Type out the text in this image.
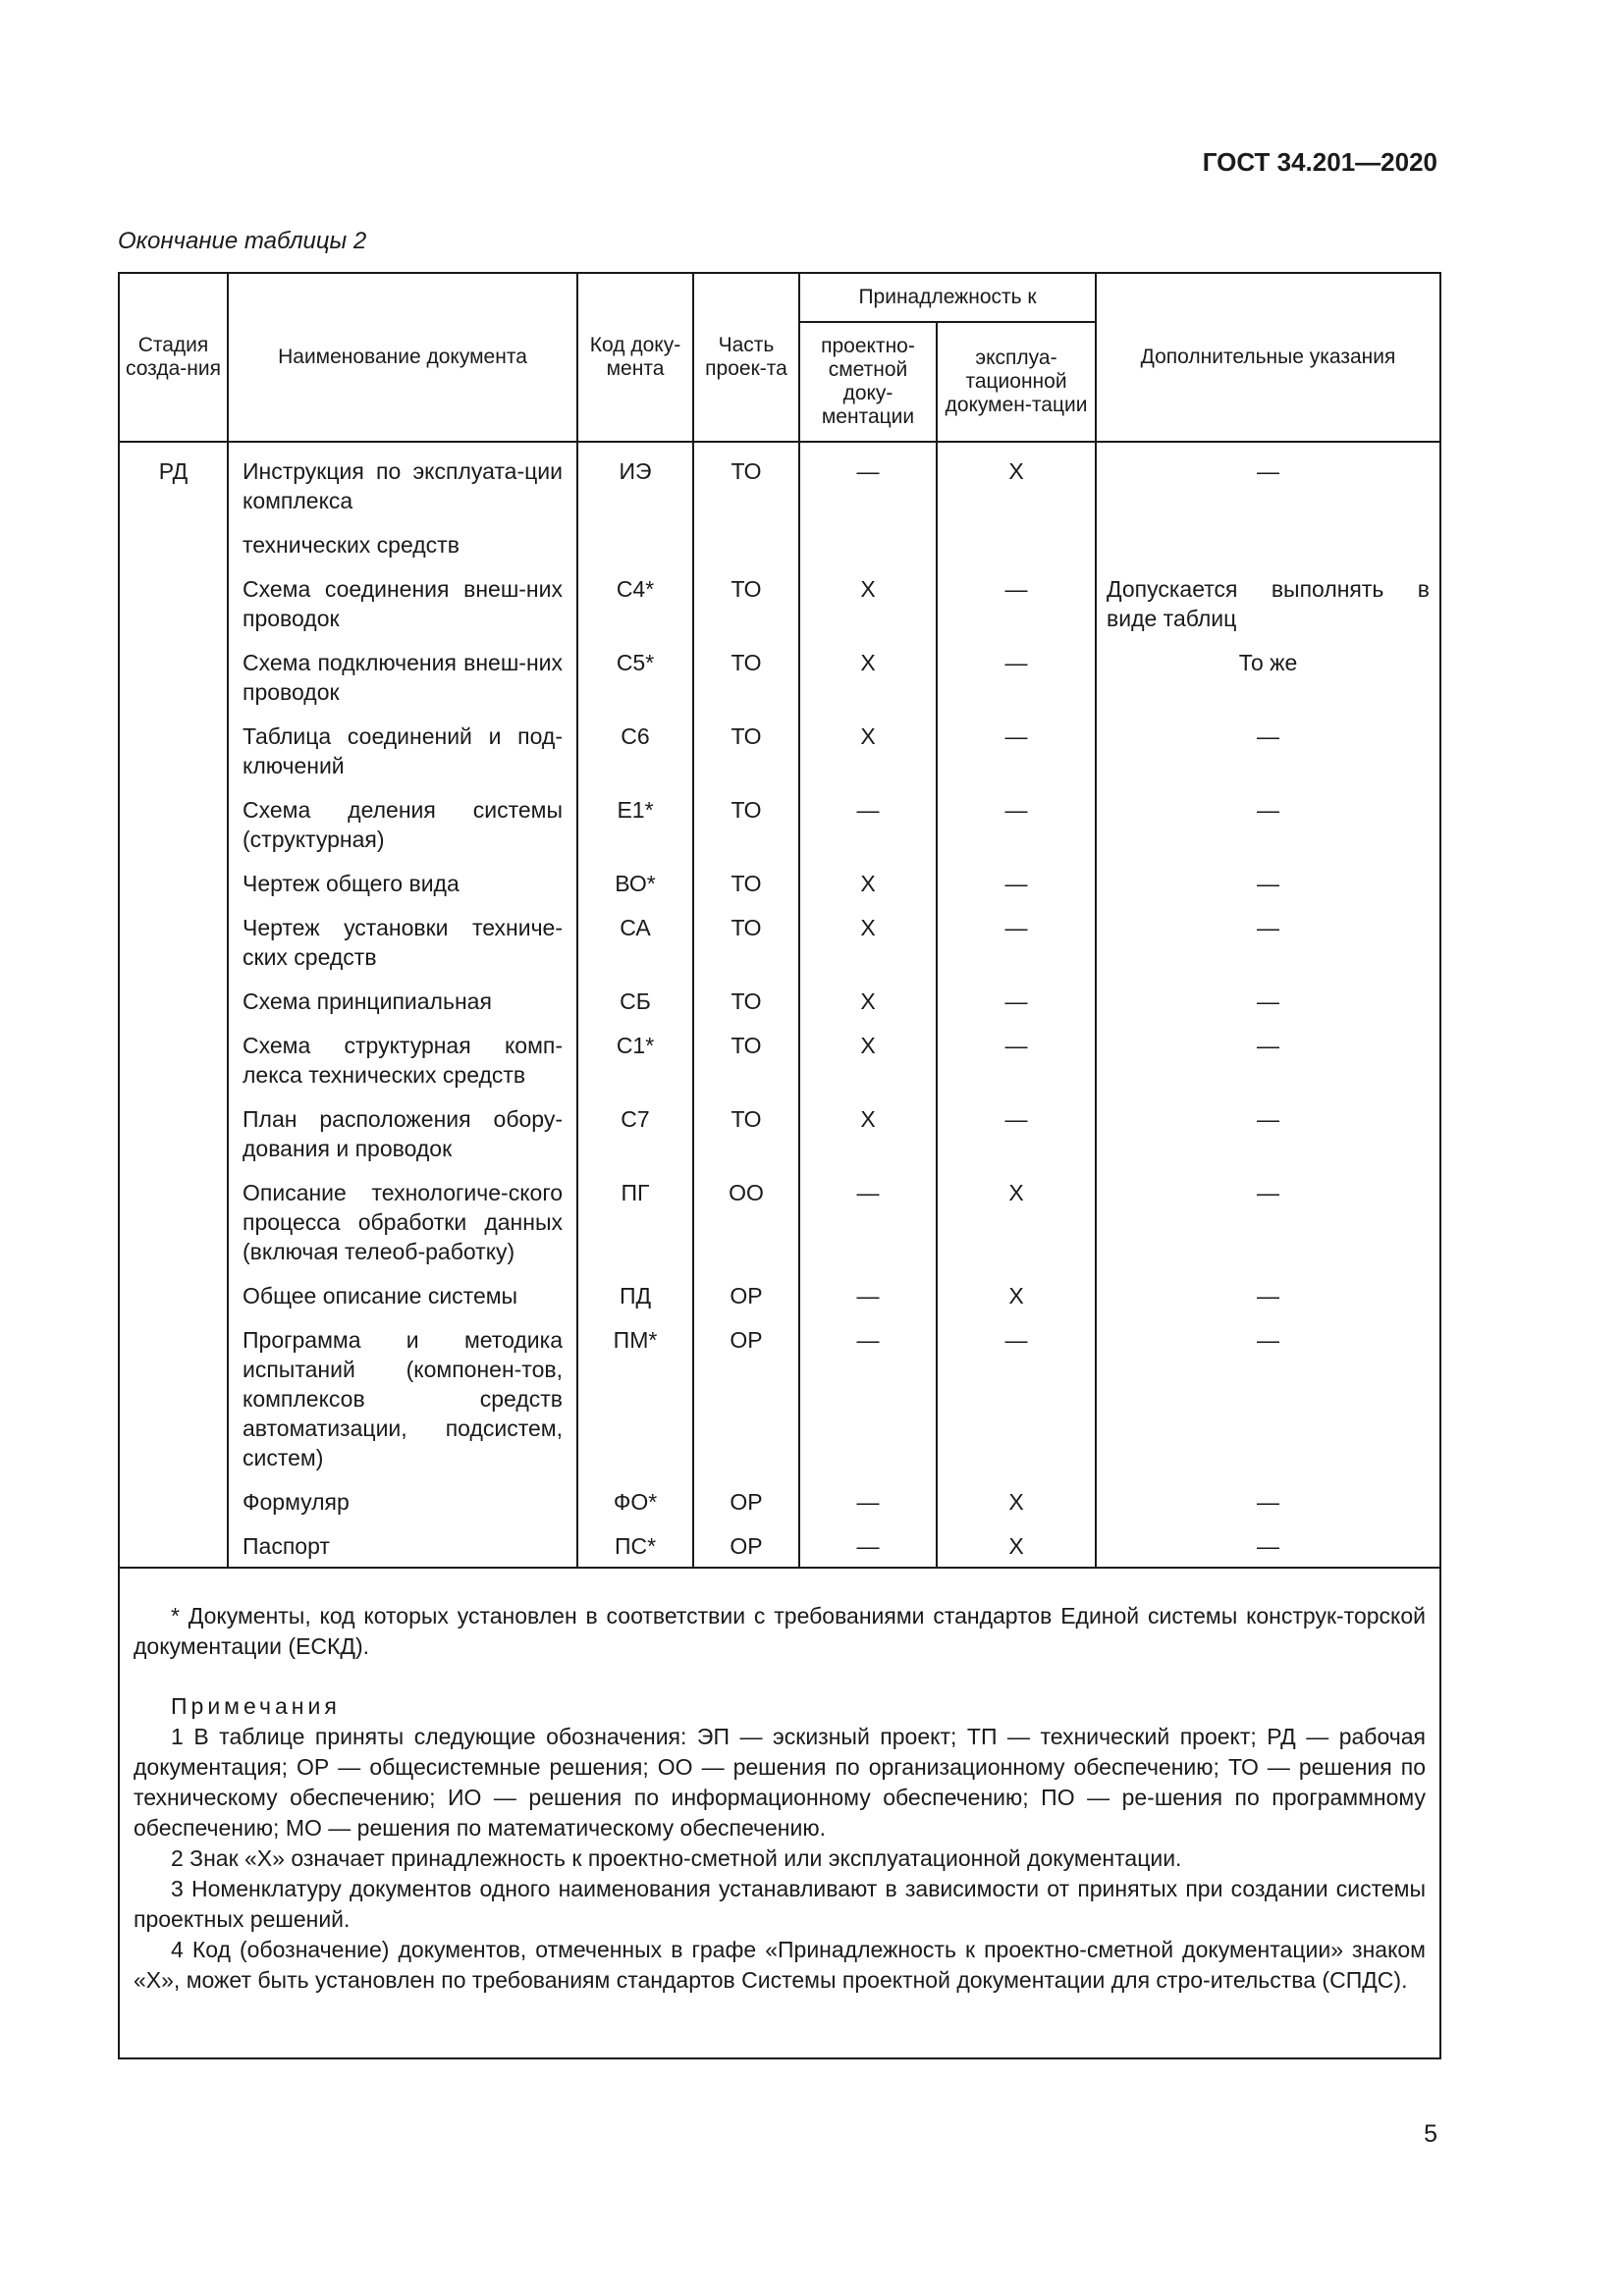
ГОСТ 34.201—2020
Окончание таблицы 2
Стадия созда-ния	Наименование документа	Код доку-мента	Часть проек-та	Принадлежность к		Дополнительные указания
				проектно-сметной доку-ментации	эксплуа-тационной докумен-тации	
РД	Инструкция по эксплуата-ции комплекса	ИЭ	ТО	—	Х	—
	технических средств					
	Схема соединения внеш-них проводок	С4*	ТО	Х	—	Допускается выполнять в виде таблиц
	Схема подключения внеш-них проводок	С5*	ТО	Х	—	То же
	Таблица соединений и под-ключений	С6	ТО	Х	—	—
	Схема деления системы (структурная)	Е1*	ТО	—	—	—
	Чертеж общего вида	ВО*	ТО	Х	—	—
	Чертеж установки техниче-ских средств	СА	ТО	Х	—	—
	Схема принципиальная	СБ	ТО	Х	—	—
	Схема структурная комп-лекса технических средств	С1*	ТО	Х	—	—
	План расположения обору-дования и проводок	С7	ТО	Х	—	—
	Описание технологиче-ского процесса обработки данных (включая телеоб-работку)	ПГ	ОО	—	Х	—
	Общее описание системы	ПД	ОР	—	Х	—
	Программа и методика испытаний (компонен-тов, комплексов средств автоматизации, подсистем, систем)	ПМ*	ОР	—	—	—
	Формуляр	ФО*	ОР	—	Х	—
	Паспорт	ПС*	ОР	—	Х	—

* Документы, код которых установлен в соответствии с требованиями стандартов Единой системы конструк-торской документации (ЕСКД).

Примечания

1 В таблице приняты следующие обозначения: ЭП — эскизный проект; ТП — технический проект; РД — рабочая документация; ОР — общесистемные решения; ОО — решения по организационному обеспечению; ТО — решения по техническому обеспечению; ИО — решения по информационному обеспечению; ПО — ре-шения по программному обеспечению; МО — решения по математическому обеспечению.

2 Знак «Х» означает принадлежность к проектно-сметной или эксплуатационной документации.

3 Номенклатуру документов одного наименования устанавливают в зависимости от принятых при создании системы проектных решений.

4 Код (обозначение) документов, отмеченных в графе «Принадлежность к проектно-сметной документации» знаком «Х», может быть установлен по требованиям стандартов Системы проектной документации для стро-ительства (СПДС).

5
